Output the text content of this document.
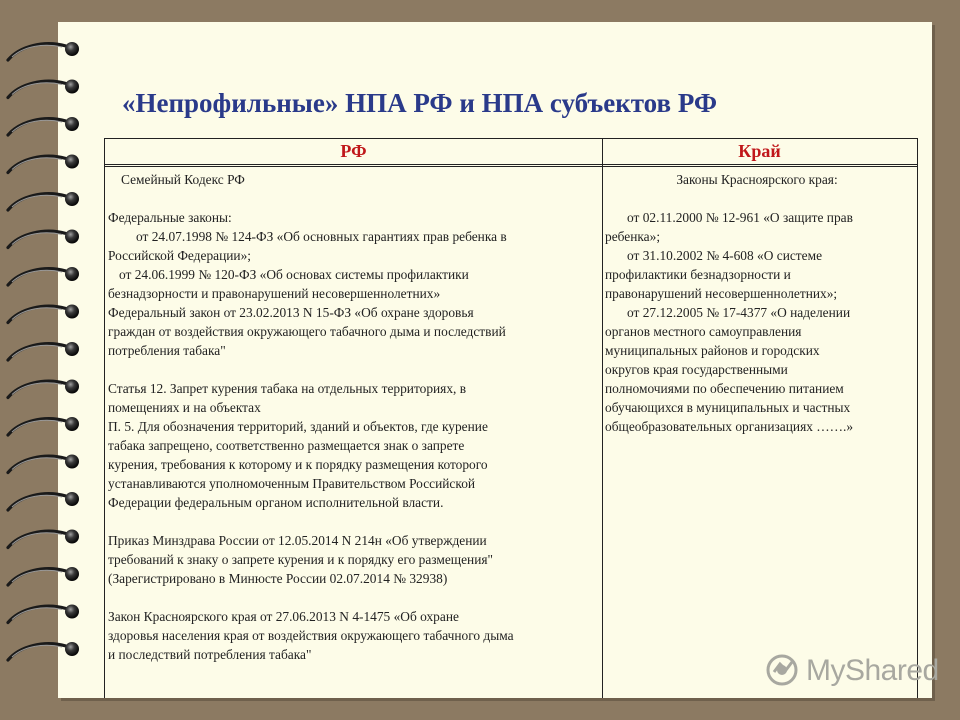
«Непрофильные» НПА РФ и НПА субъектов РФ
РФ	Край
Семейный Кодекс РФ
Федеральные законы:
от 24.07.1998 № 124-ФЗ «Об основных гарантиях прав ребенка в
Российской Федерации»;
от 24.06.1999 № 120-ФЗ «Об основах системы профилактики
безнадзорности и правонарушений несовершеннолетних»
Федеральный закон от 23.02.2013 N 15-ФЗ «Об охране здоровья
граждан от воздействия окружающего табачного дыма и последствий
потребления табака"
Статья 12. Запрет курения табака на отдельных территориях, в
помещениях и на объектах
П. 5. Для обозначения территорий, зданий и объектов, где курение
табака запрещено, соответственно размещается знак о запрете
курения, требования к которому и к порядку размещения которого
устанавливаются уполномоченным Правительством Российской
Федерации федеральным органом исполнительной власти.
Приказ Минздрава России от 12.05.2014 N 214н «Об утверждении
требований к знаку о запрете курения и к порядку его размещения"
(Зарегистрировано в Минюсте России 02.07.2014 № 32938)
Закон Красноярского края от 27.06.2013 N 4-1475 «Об охране
здоровья населения края от воздействия окружающего табачного дыма
и последствий потребления табака"
Законы Красноярского края:
от 02.11.2000 № 12-961 «О защите прав
ребенка»;
от 31.10.2002 № 4-608 «О системе
профилактики безнадзорности и
правонарушений несовершеннолетних»;
от 27.12.2005 № 17-4377 «О наделении
органов местного самоуправления
муниципальных районов и городских
округов края государственными
полномочиями по обеспечению питанием
обучающихся в муниципальных и частных
общеобразовательных организациях …….»
MyShared
